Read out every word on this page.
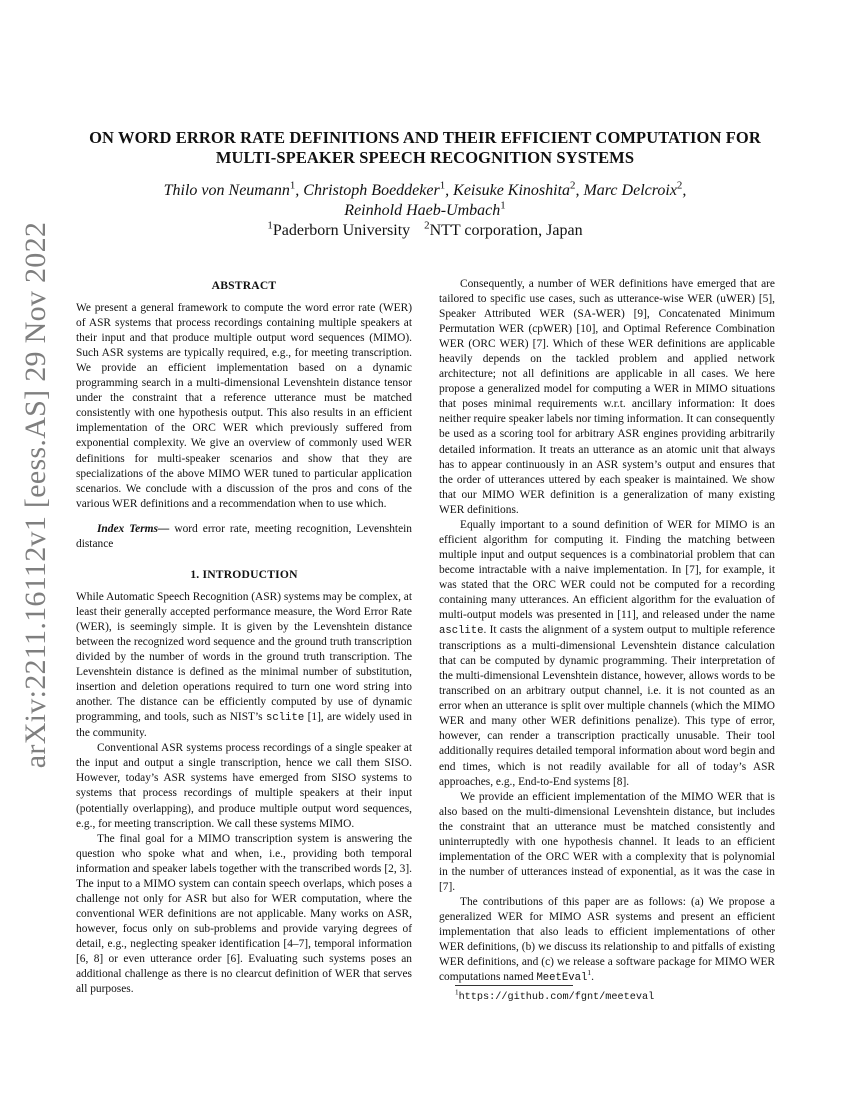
arXiv:2211.16112v1 [eess.AS] 29 Nov 2022
ON WORD ERROR RATE DEFINITIONS AND THEIR EFFICIENT COMPUTATION FOR
MULTI-SPEAKER SPEECH RECOGNITION SYSTEMS
Thilo von Neumann$^1$, Christoph Boeddeker$^1$, Keisuke Kinoshita$^2$, Marc Delcroix$^2$,
Reinhold Haeb-Umbach$^1$
$^1$Paderborn University $^2$NTT corporation, Japan
ABSTRACT

We present a general framework to compute the word error rate (WER) of ASR systems that process recordings containing multiple speakers at their input and that produce multiple output word sequences (MIMO). Such ASR systems are typically required, e.g., for meeting transcription. We provide an efficient implementation based on a dynamic programming search in a multi-dimensional Levenshtein distance tensor under the constraint that a reference utterance must be matched consistently with one hypothesis output. This also results in an efficient implementation of the ORC WER which previously suffered from exponential complexity. We give an overview of commonly used WER definitions for multi-speaker scenarios and show that they are specializations of the above MIMO WER tuned to particular application scenarios. We conclude with a discussion of the pros and cons of the various WER definitions and a recommendation when to use which.

Index Terms— word error rate, meeting recognition, Levenshtein distance

1. INTRODUCTION

While Automatic Speech Recognition (ASR) systems may be complex, at least their generally accepted performance measure, the Word Error Rate (WER), is seemingly simple. It is given by the Levenshtein distance between the recognized word sequence and the ground truth transcription divided by the number of words in the ground truth transcription. The Levenshtein distance is defined as the minimal number of substitution, insertion and deletion operations required to turn one word string into another. The distance can be efficiently computed by use of dynamic programming, and tools, such as NIST’s sclite [1], are widely used in the community.

Conventional ASR systems process recordings of a single speaker at the input and output a single transcription, hence we call them SISO. However, today’s ASR systems have emerged from SISO systems to systems that process recordings of multiple speakers at their input (potentially overlapping), and produce multiple output word sequences, e.g., for meeting transcription. We call these systems MIMO.

The final goal for a MIMO transcription system is answering the question who spoke what and when, i.e., providing both temporal information and speaker labels together with the transcribed words [2, 3]. The input to a MIMO system can contain speech overlaps, which poses a challenge not only for ASR but also for WER computation, where the conventional WER definitions are not applicable. Many works on ASR, however, focus only on sub-problems and provide varying degrees of detail, e.g., neglecting speaker identification [4–7], temporal information [6, 8] or even utterance order [6]. Evaluating such systems poses an additional challenge as there is no clearcut definition of WER that serves all purposes.

Consequently, a number of WER definitions have emerged that are tailored to specific use cases, such as utterance-wise WER (uWER) [5], Speaker Attributed WER (SA-WER) [9], Concatenated Minimum Permutation WER (cpWER) [10], and Optimal Reference Combination WER (ORC WER) [7]. Which of these WER definitions are applicable heavily depends on the tackled problem and applied network architecture; not all definitions are applicable in all cases. We here propose a generalized model for computing a WER in MIMO situations that poses minimal requirements w.r.t. ancillary information: It does neither require speaker labels nor timing information. It can consequently be used as a scoring tool for arbitrary ASR engines providing arbitrarily detailed information. It treats an utterance as an atomic unit that always has to appear continuously in an ASR system’s output and ensures that the order of utterances uttered by each speaker is maintained. We show that our MIMO WER definition is a generalization of many existing WER definitions.

Equally important to a sound definition of WER for MIMO is an efficient algorithm for computing it. Finding the matching between multiple input and output sequences is a combinatorial problem that can become intractable with a naive implementation. In [7], for example, it was stated that the ORC WER could not be computed for a recording containing many utterances. An efficient algorithm for the evaluation of multi-output models was presented in [11], and released under the name asclite. It casts the alignment of a system output to multiple reference transcriptions as a multi-dimensional Levenshtein distance calculation that can be computed by dynamic programming. Their interpretation of the multi-dimensional Levenshtein distance, however, allows words to be transcribed on an arbitrary output channel, i.e. it is not counted as an error when an utterance is split over multiple channels (which the MIMO WER and many other WER definitions penalize). This type of error, however, can render a transcription practically unusable. Their tool additionally requires detailed temporal information about word begin and end times, which is not readily available for all of today’s ASR approaches, e.g., End-to-End systems [8].

We provide an efficient implementation of the MIMO WER that is also based on the multi-dimensional Levenshtein distance, but includes the constraint that an utterance must be matched consistently and uninterruptedly with one hypothesis channel. It leads to an efficient implementation of the ORC WER with a complexity that is polynomial in the number of utterances instead of exponential, as it was the case in [7].

The contributions of this paper are as follows: (a) We propose a generalized WER for MIMO ASR systems and present an efficient implementation that also leads to efficient implementations of other WER definitions, (b) we discuss its relationship to and pitfalls of existing WER definitions, and (c) we release a software package for MIMO WER computations named MeetEval$^1$.

$^1$https://github.com/fgnt/meeteval
